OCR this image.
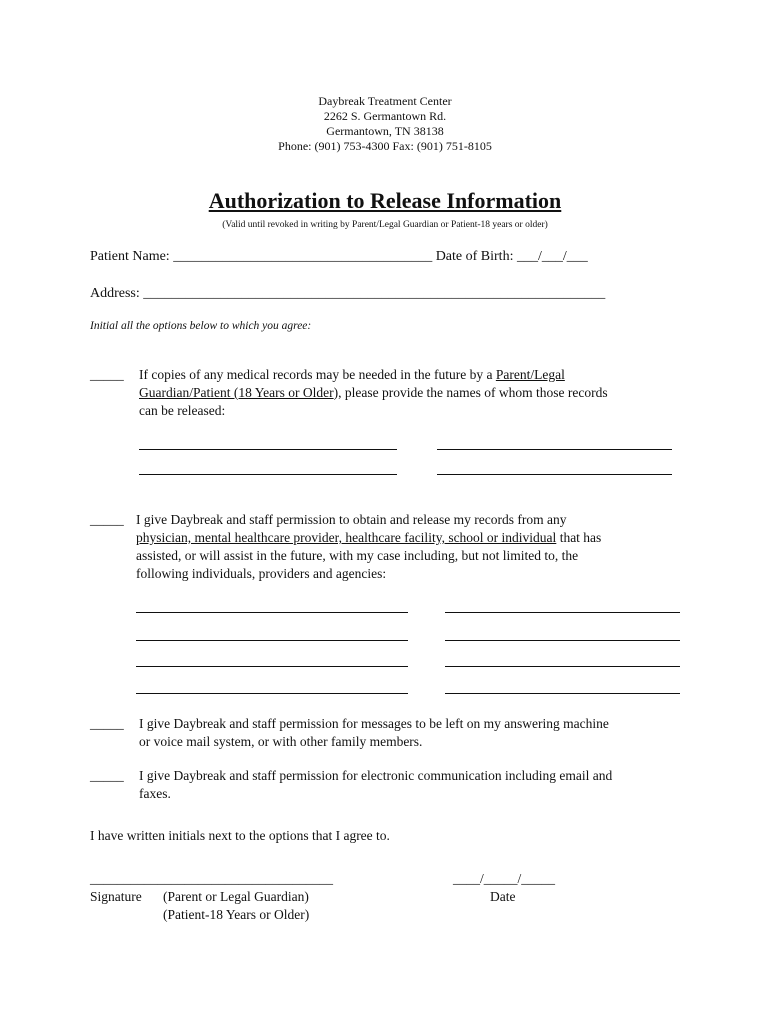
Daybreak Treatment Center
2262 S. Germantown Rd.
Germantown, TN 38138
Phone: (901) 753-4300 Fax: (901) 751-8105
Authorization to Release Information
(Valid until revoked in writing by Parent/Legal Guardian or Patient-18 years or older)
Patient Name: _____________________________________ Date of Birth: ___/___/___
Address: __________________________________________________________________
Initial all the options below to which you agree:
_____ If copies of any medical records may be needed in the future by a Parent/Legal
Guardian/Patient (18 Years or Older), please provide the names of whom those records
can be released:
_____ I give Daybreak and staff permission to obtain and release my records from any
physician, mental healthcare provider, healthcare facility, school or individual that has
assisted, or will assist in the future, with my case including, but not limited to, the
following individuals, providers and agencies:
_____ I give Daybreak and staff permission for messages to be left on my answering machine
or voice mail system, or with other family members.
_____ I give Daybreak and staff permission for electronic communication including email and
faxes.
I have written initials next to the options that I agree to.
____________________________________
Signature (Parent or Legal Guardian)
(Patient-18 Years or Older)
____/_____/_____
Date
